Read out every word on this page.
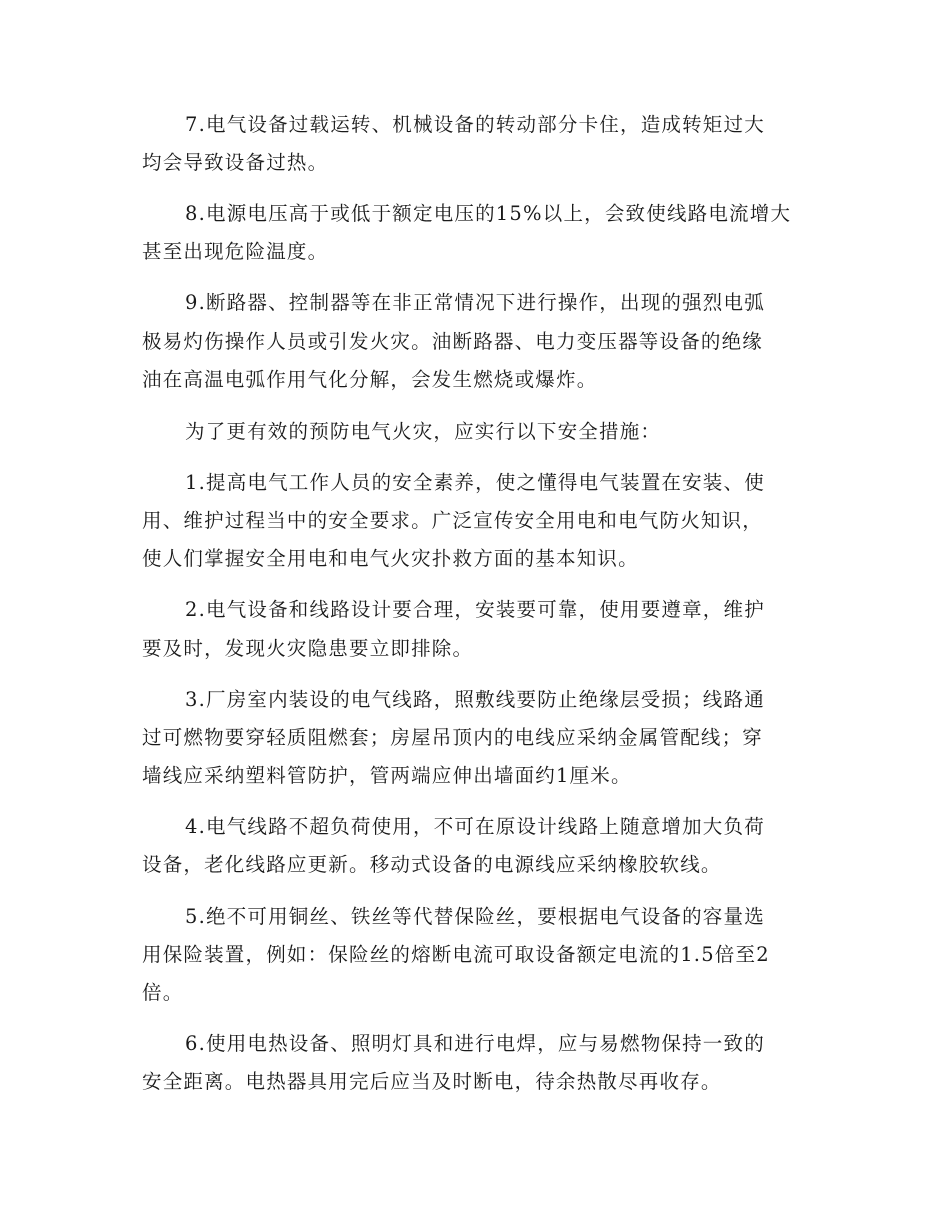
7.电气设备过载运转、机械设备的转动部分卡住，造成转矩过大
均会导致设备过热。
8.电源电压高于或低于额定电压的15%以上，会致使线路电流增大
甚至出现危险温度。
9.断路器、控制器等在非正常情况下进行操作，出现的强烈电弧
极易灼伤操作人员或引发火灾。油断路器、电力变压器等设备的绝缘
油在高温电弧作用气化分解，会发生燃烧或爆炸。
为了更有效的预防电气火灾，应实行以下安全措施：
1.提高电气工作人员的安全素养，使之懂得电气装置在安装、使
用、维护过程当中的安全要求。广泛宣传安全用电和电气防火知识，
使人们掌握安全用电和电气火灾扑救方面的基本知识。
2.电气设备和线路设计要合理，安装要可靠，使用要遵章，维护
要及时，发现火灾隐患要立即排除。
3.厂房室内装设的电气线路，照敷线要防止绝缘层受损；线路通
过可燃物要穿轻质阻燃套；房屋吊顶内的电线应采纳金属管配线；穿
墙线应采纳塑料管防护，管两端应伸出墙面约1厘米。
4.电气线路不超负荷使用，不可在原设计线路上随意增加大负荷
设备，老化线路应更新。移动式设备的电源线应采纳橡胶软线。
5.绝不可用铜丝、铁丝等代替保险丝，要根据电气设备的容量选
用保险装置，例如：保险丝的熔断电流可取设备额定电流的1.5倍至2
倍。
6.使用电热设备、照明灯具和进行电焊，应与易燃物保持一致的
安全距离。电热器具用完后应当及时断电，待余热散尽再收存。
